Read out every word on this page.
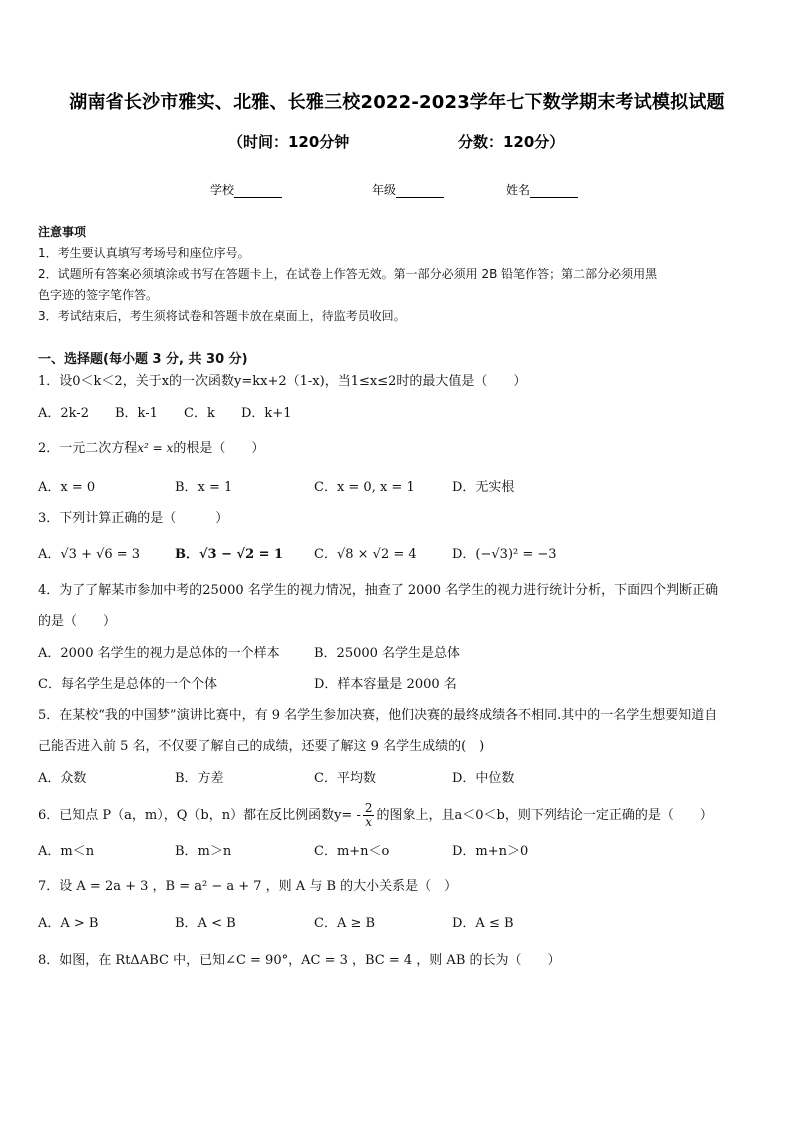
湖南省长沙市雅实、北雅、长雅三校2022-2023学年七下数学期末考试模拟试题
（时间：120分钟	分数：120分）
学校	年级	姓名
注意事项
1．考生要认真填写考场号和座位序号。
2．试题所有答案必须填涂或书写在答题卡上，在试卷上作答无效。第一部分必须用 2B 铅笔作答；第二部分必须用黑
色字迹的签字笔作答。
3．考试结束后，考生须将试卷和答题卡放在桌面上，待监考员收回。
一、选择题(每小题 3 分, 共 30 分)
1．设0＜k＜2，关于x的一次函数y=kx+2（1-x)，当1≤x≤2时的最大值是（　　）
A．2k-2 B．k-1 C．k D．k+1
2．一元二次方程x² = x的根是（　　）
A．x = 0	B．x = 1	C．x = 0, x = 1	D．无实根
3．下列计算正确的是（　　　）
A．√3 + √6 = 3	B．√3 − √2 = 1 C．√8 × √2 = 4	D．(−√3)² = −3
4．为了了解某市参加中考的25000 名学生的视力情况，抽查了 2000 名学生的视力进行统计分析，下面四个判断正确
的是（　　）
A．2000 名学生的视力是总体的一个样本	B．25000 名学生是总体
C．每名学生是总体的一个个体	D．样本容量是 2000 名
5．在某校“我的中国梦”演讲比赛中，有 9 名学生参加决赛，他们决赛的最终成绩各不相同.其中的一名学生想要知道自
己能否进入前 5 名，不仅要了解自己的成绩，还要了解这 9 名学生成绩的(　)
A．众数	B．方差	C．平均数	D．中位数
6．已知点 P（a，m），Q（b，n）都在反比例函数$y= - \frac{2}{x}$ 的图象上，且a＜0＜b，则下列结论一定正确的是（　　）
A．m＜n	B．m＞n	C．m+n＜o	D．m+n＞0
7．设 A = 2a + 3 ，B = a² − a + 7 ，则 A 与 B 的大小关系是（　）
A．A > B	B．A < B	C．A ≥ B	D．A ≤ B
8．如图，在 RtΔABC 中，已知∠C = 90°，AC = 3 ，BC = 4 ，则 AB 的长为（　　）
